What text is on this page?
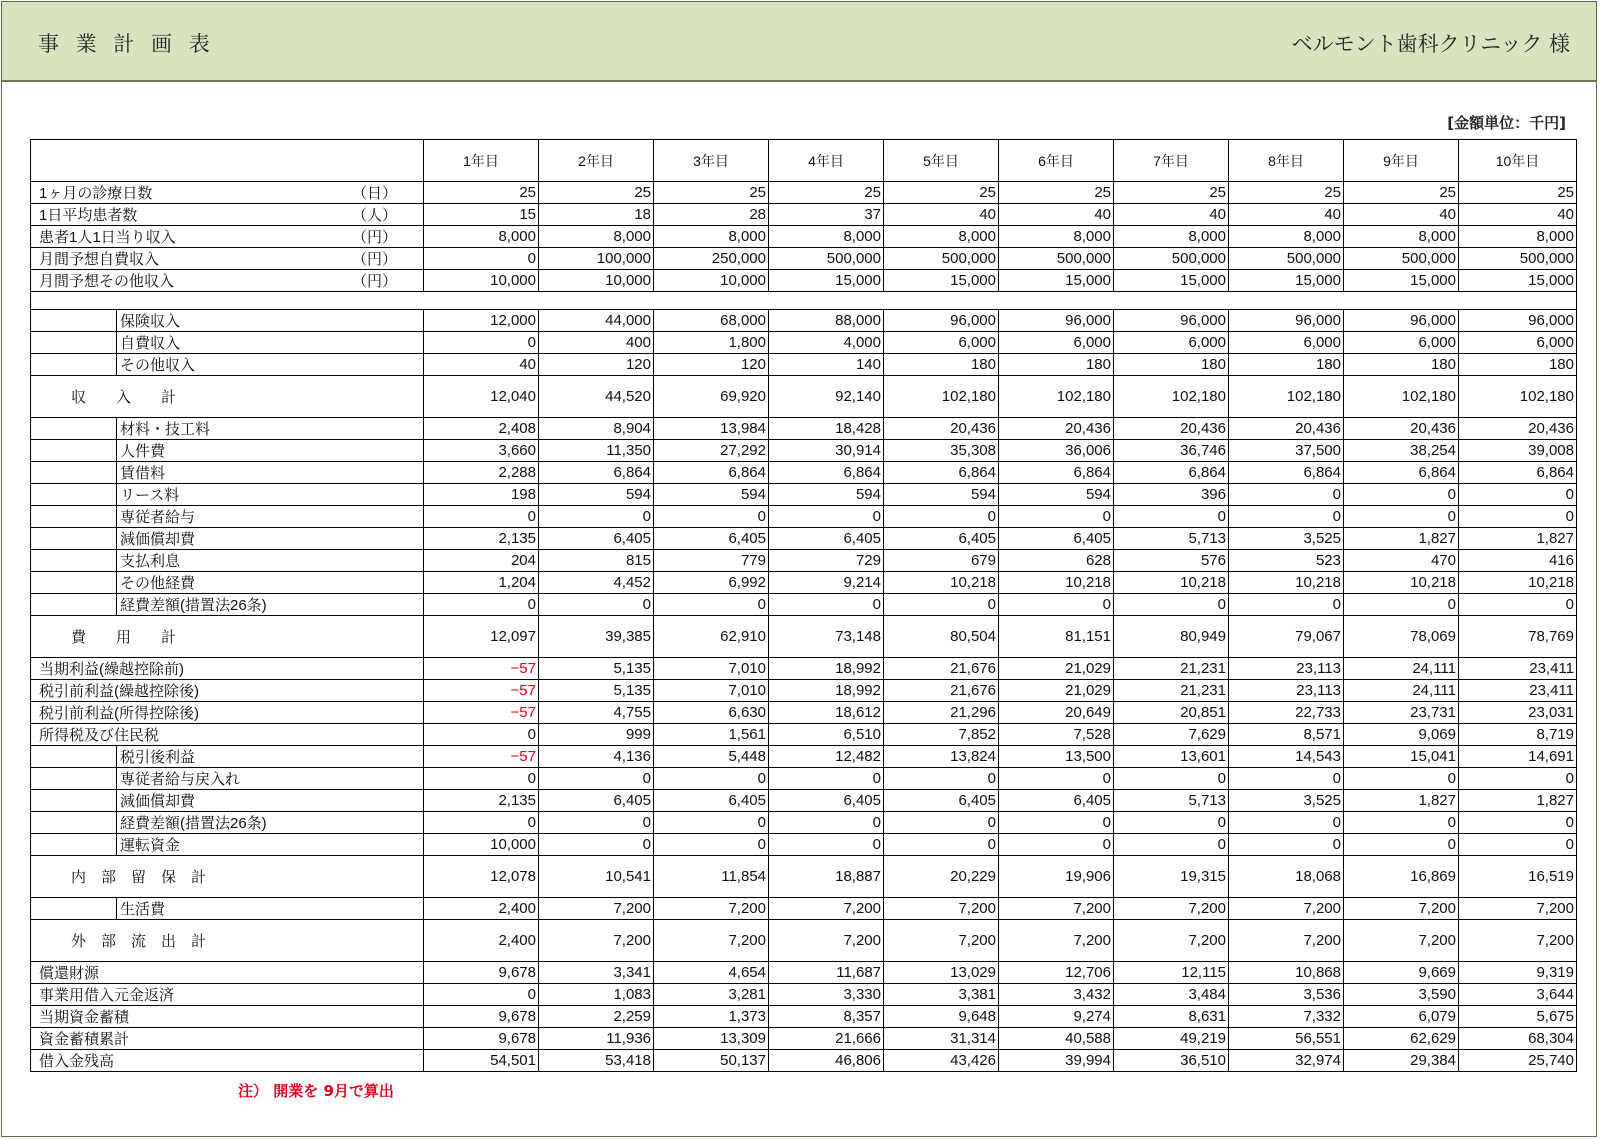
事 業 計 画 表	ベルモント歯科クリニック 様
[金額単位：千円]
		1年目	2年目	3年目	4年目	5年目	6年目	7年目	8年目	9年目	10年目
1ヶ月の診療日数 （日）		25	25	25	25	25	25	25	25	25	25
1日平均患者数 （人）		15	18	28	37	40	40	40	40	40	40
患者1人1日当り収入 （円）		8,000	8,000	8,000	8,000	8,000	8,000	8,000	8,000	8,000	8,000
月間予想自費収入 （円）		0	100,000	250,000	500,000	500,000	500,000	500,000	500,000	500,000	500,000
月間予想その他収入 （円）		10,000	10,000	10,000	15,000	15,000	15,000	15,000	15,000	15,000	15,000

	保険収入	12,000	44,000	68,000	88,000	96,000	96,000	96,000	96,000	96,000	96,000
	自費収入	0	400	1,800	4,000	6,000	6,000	6,000	6,000	6,000	6,000
	その他収入	40	120	120	140	180	180	180	180	180	180
収　　入　　計		12,040	44,520	69,920	92,140	102,180	102,180	102,180	102,180	102,180	102,180
	材料・技工料	2,408	8,904	13,984	18,428	20,436	20,436	20,436	20,436	20,436	20,436
	人件費	3,660	11,350	27,292	30,914	35,308	36,006	36,746	37,500	38,254	39,008
	賃借料	2,288	6,864	6,864	6,864	6,864	6,864	6,864	6,864	6,864	6,864
	リース料	198	594	594	594	594	594	396	0	0	0
	専従者給与	0	0	0	0	0	0	0	0	0	0
	減価償却費	2,135	6,405	6,405	6,405	6,405	6,405	5,713	3,525	1,827	1,827
	支払利息	204	815	779	729	679	628	576	523	470	416
	その他経費	1,204	4,452	6,992	9,214	10,218	10,218	10,218	10,218	10,218	10,218
	経費差額(措置法26条)	0	0	0	0	0	0	0	0	0	0
費　　用　　計		12,097	39,385	62,910	73,148	80,504	81,151	80,949	79,067	78,069	78,769
当期利益(繰越控除前)		−57	5,135	7,010	18,992	21,676	21,029	21,231	23,113	24,111	23,411
税引前利益(繰越控除後)		−57	5,135	7,010	18,992	21,676	21,029	21,231	23,113	24,111	23,411
税引前利益(所得控除後)		−57	4,755	6,630	18,612	21,296	20,649	20,851	22,733	23,731	23,031
所得税及び住民税		0	999	1,561	6,510	7,852	7,528	7,629	8,571	9,069	8,719
	税引後利益	−57	4,136	5,448	12,482	13,824	13,500	13,601	14,543	15,041	14,691
	専従者給与戻入れ	0	0	0	0	0	0	0	0	0	0
	減価償却費	2,135	6,405	6,405	6,405	6,405	6,405	5,713	3,525	1,827	1,827
	経費差額(措置法26条)	0	0	0	0	0	0	0	0	0	0
	運転資金	10,000	0	0	0	0	0	0	0	0	0
内　部　留　保　計		12,078	10,541	11,854	18,887	20,229	19,906	19,315	18,068	16,869	16,519
	生活費	2,400	7,200	7,200	7,200	7,200	7,200	7,200	7,200	7,200	7,200
外　部　流　出　計		2,400	7,200	7,200	7,200	7,200	7,200	7,200	7,200	7,200	7,200
償還財源		9,678	3,341	4,654	11,687	13,029	12,706	12,115	10,868	9,669	9,319
事業用借入元金返済		0	1,083	3,281	3,330	3,381	3,432	3,484	3,536	3,590	3,644
当期資金蓄積		9,678	2,259	1,373	8,357	9,648	9,274	8,631	7,332	6,079	5,675
資金蓄積累計		9,678	11,936	13,309	21,666	31,314	40,588	49,219	56,551	62,629	68,304
借入金残高		54,501	53,418	50,137	46,806	43,426	39,994	36,510	32,974	29,384	25,740
注） 開業を 9月で算出
